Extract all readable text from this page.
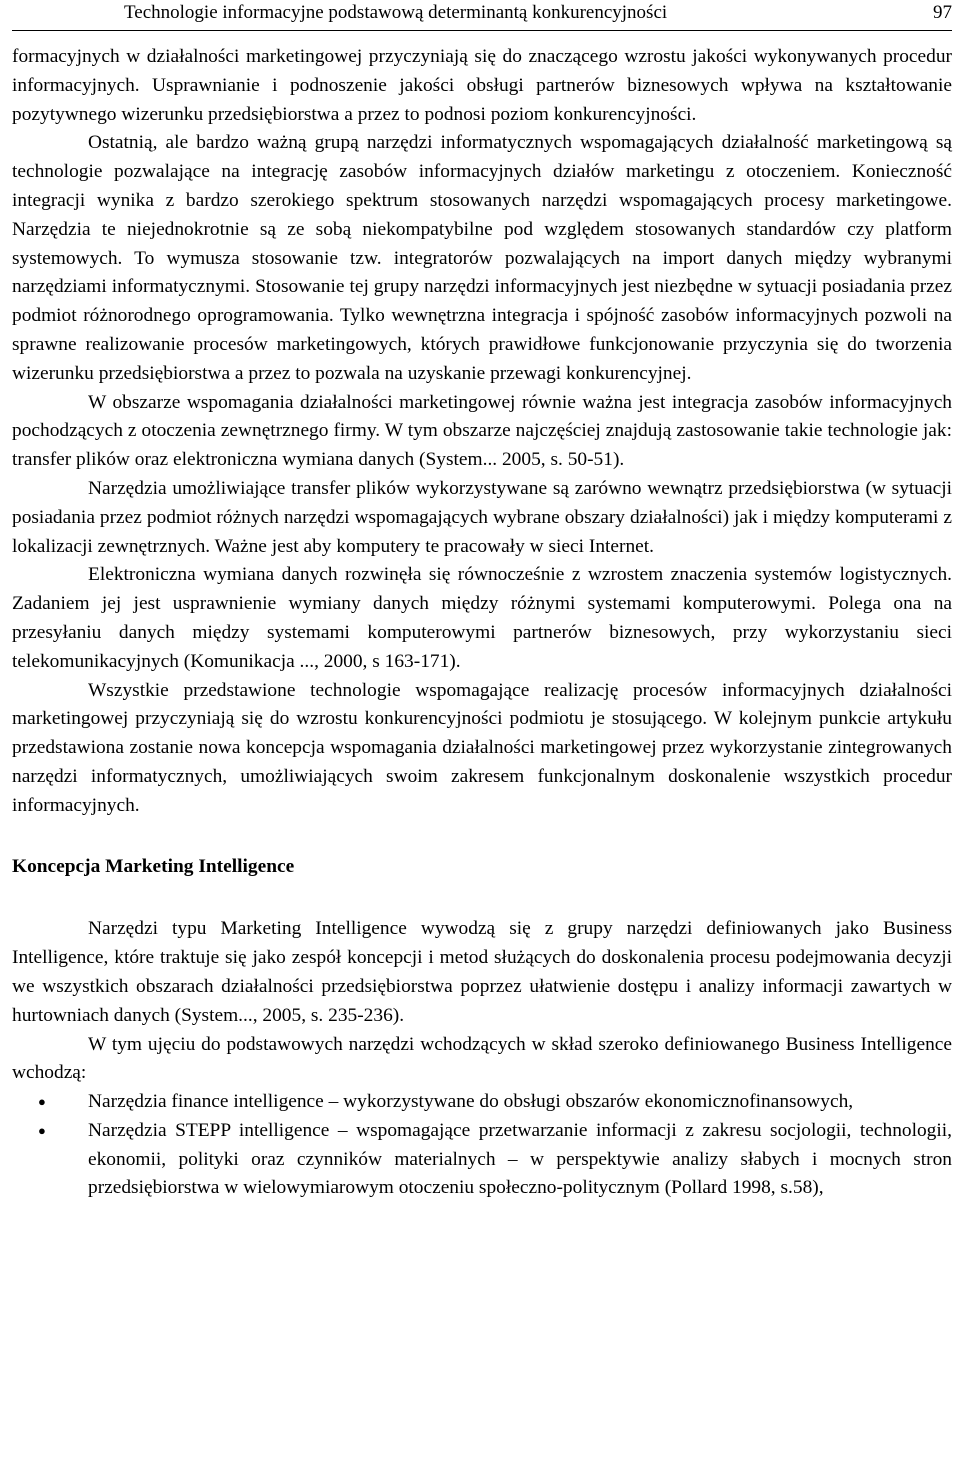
Technologie informacyjne podstawową determinantą konkurencyjności	97

formacyjnych w działalności marketingowej przyczyniają się do znaczącego wzrostu jakości wykonywanych procedur informacyjnych. Usprawnianie i podnoszenie jakości obsługi partnerów biznesowych wpływa na kształtowanie pozytywnego wizerunku przedsiębiorstwa a przez to podnosi poziom konkurencyjności.

Ostatnią, ale bardzo ważną grupą narzędzi informatycznych wspomagających działalność marketingową są technologie pozwalające na integrację zasobów informacyjnych działów marketingu z otoczeniem. Konieczność integracji wynika z bardzo szerokiego spektrum stosowanych narzędzi wspomagających procesy marketingowe. Narzędzia te niejednokrotnie są ze sobą niekompatybilne pod względem stosowanych standardów czy platform systemowych. To wymusza stosowanie tzw. integratorów pozwalających na import danych między wybranymi narzędziami informatycznymi. Stosowanie tej grupy narzędzi informacyjnych jest niezbędne w sytuacji posiadania przez podmiot różnorodnego oprogramowania. Tylko wewnętrzna integracja i spójność zasobów informacyjnych pozwoli na sprawne realizowanie procesów marketingowych, których prawidłowe funkcjonowanie przyczynia się do tworzenia wizerunku przedsiębiorstwa a przez to pozwala na uzyskanie przewagi konkurencyjnej.

W obszarze wspomagania działalności marketingowej równie ważna jest integracja zasobów informacyjnych pochodzących z otoczenia zewnętrznego firmy. W tym obszarze najczęściej znajdują zastosowanie takie technologie jak: transfer plików oraz elektroniczna wymiana danych (System... 2005, s. 50-51).

Narzędzia umożliwiające transfer plików wykorzystywane są zarówno wewnątrz przedsiębiorstwa (w sytuacji posiadania przez podmiot różnych narzędzi wspomagających wybrane obszary działalności) jak i między komputerami z lokalizacji zewnętrznych. Ważne jest aby komputery te pracowały w sieci Internet.

Elektroniczna wymiana danych rozwinęła się równocześnie z wzrostem znaczenia systemów logistycznych. Zadaniem jej jest usprawnienie wymiany danych między różnymi systemami komputerowymi. Polega ona na przesyłaniu danych między systemami komputerowymi partnerów biznesowych, przy wykorzystaniu sieci telekomunikacyjnych (Komunikacja ..., 2000, s 163-171).

Wszystkie przedstawione technologie wspomagające realizację procesów informacyjnych działalności marketingowej przyczyniają się do wzrostu konkurencyjności podmiotu je stosującego. W kolejnym punkcie artykułu przedstawiona zostanie nowa koncepcja wspomagania działalności marketingowej przez wykorzystanie zintegrowanych narzędzi informatycznych, umożliwiających swoim zakresem funkcjonalnym doskonalenie wszystkich procedur informacyjnych.

Koncepcja Marketing Intelligence

Narzędzi typu Marketing Intelligence wywodzą się z grupy narzędzi definiowanych jako Business Intelligence, które traktuje się jako zespół koncepcji i metod służących do doskonalenia procesu podejmowania decyzji we wszystkich obszarach działalności przedsiębiorstwa poprzez ułatwienie dostępu i analizy informacji zawartych w hurtowniach danych (System..., 2005, s. 235-236).

W tym ujęciu do podstawowych narzędzi wchodzących w skład szeroko definiowanego Business Intelligence wchodzą:

● Narzędzia finance intelligence – wykorzystywane do obsługi obszarów ekonomicznofinansowych,
● Narzędzia STEPP intelligence – wspomagające przetwarzanie informacji z zakresu socjologii, technologii, ekonomii, polityki oraz czynników materialnych – w perspektywie analizy słabych i mocnych stron przedsiębiorstwa w wielowymiarowym otoczeniu społeczno-politycznym (Pollard 1998, s.58),
